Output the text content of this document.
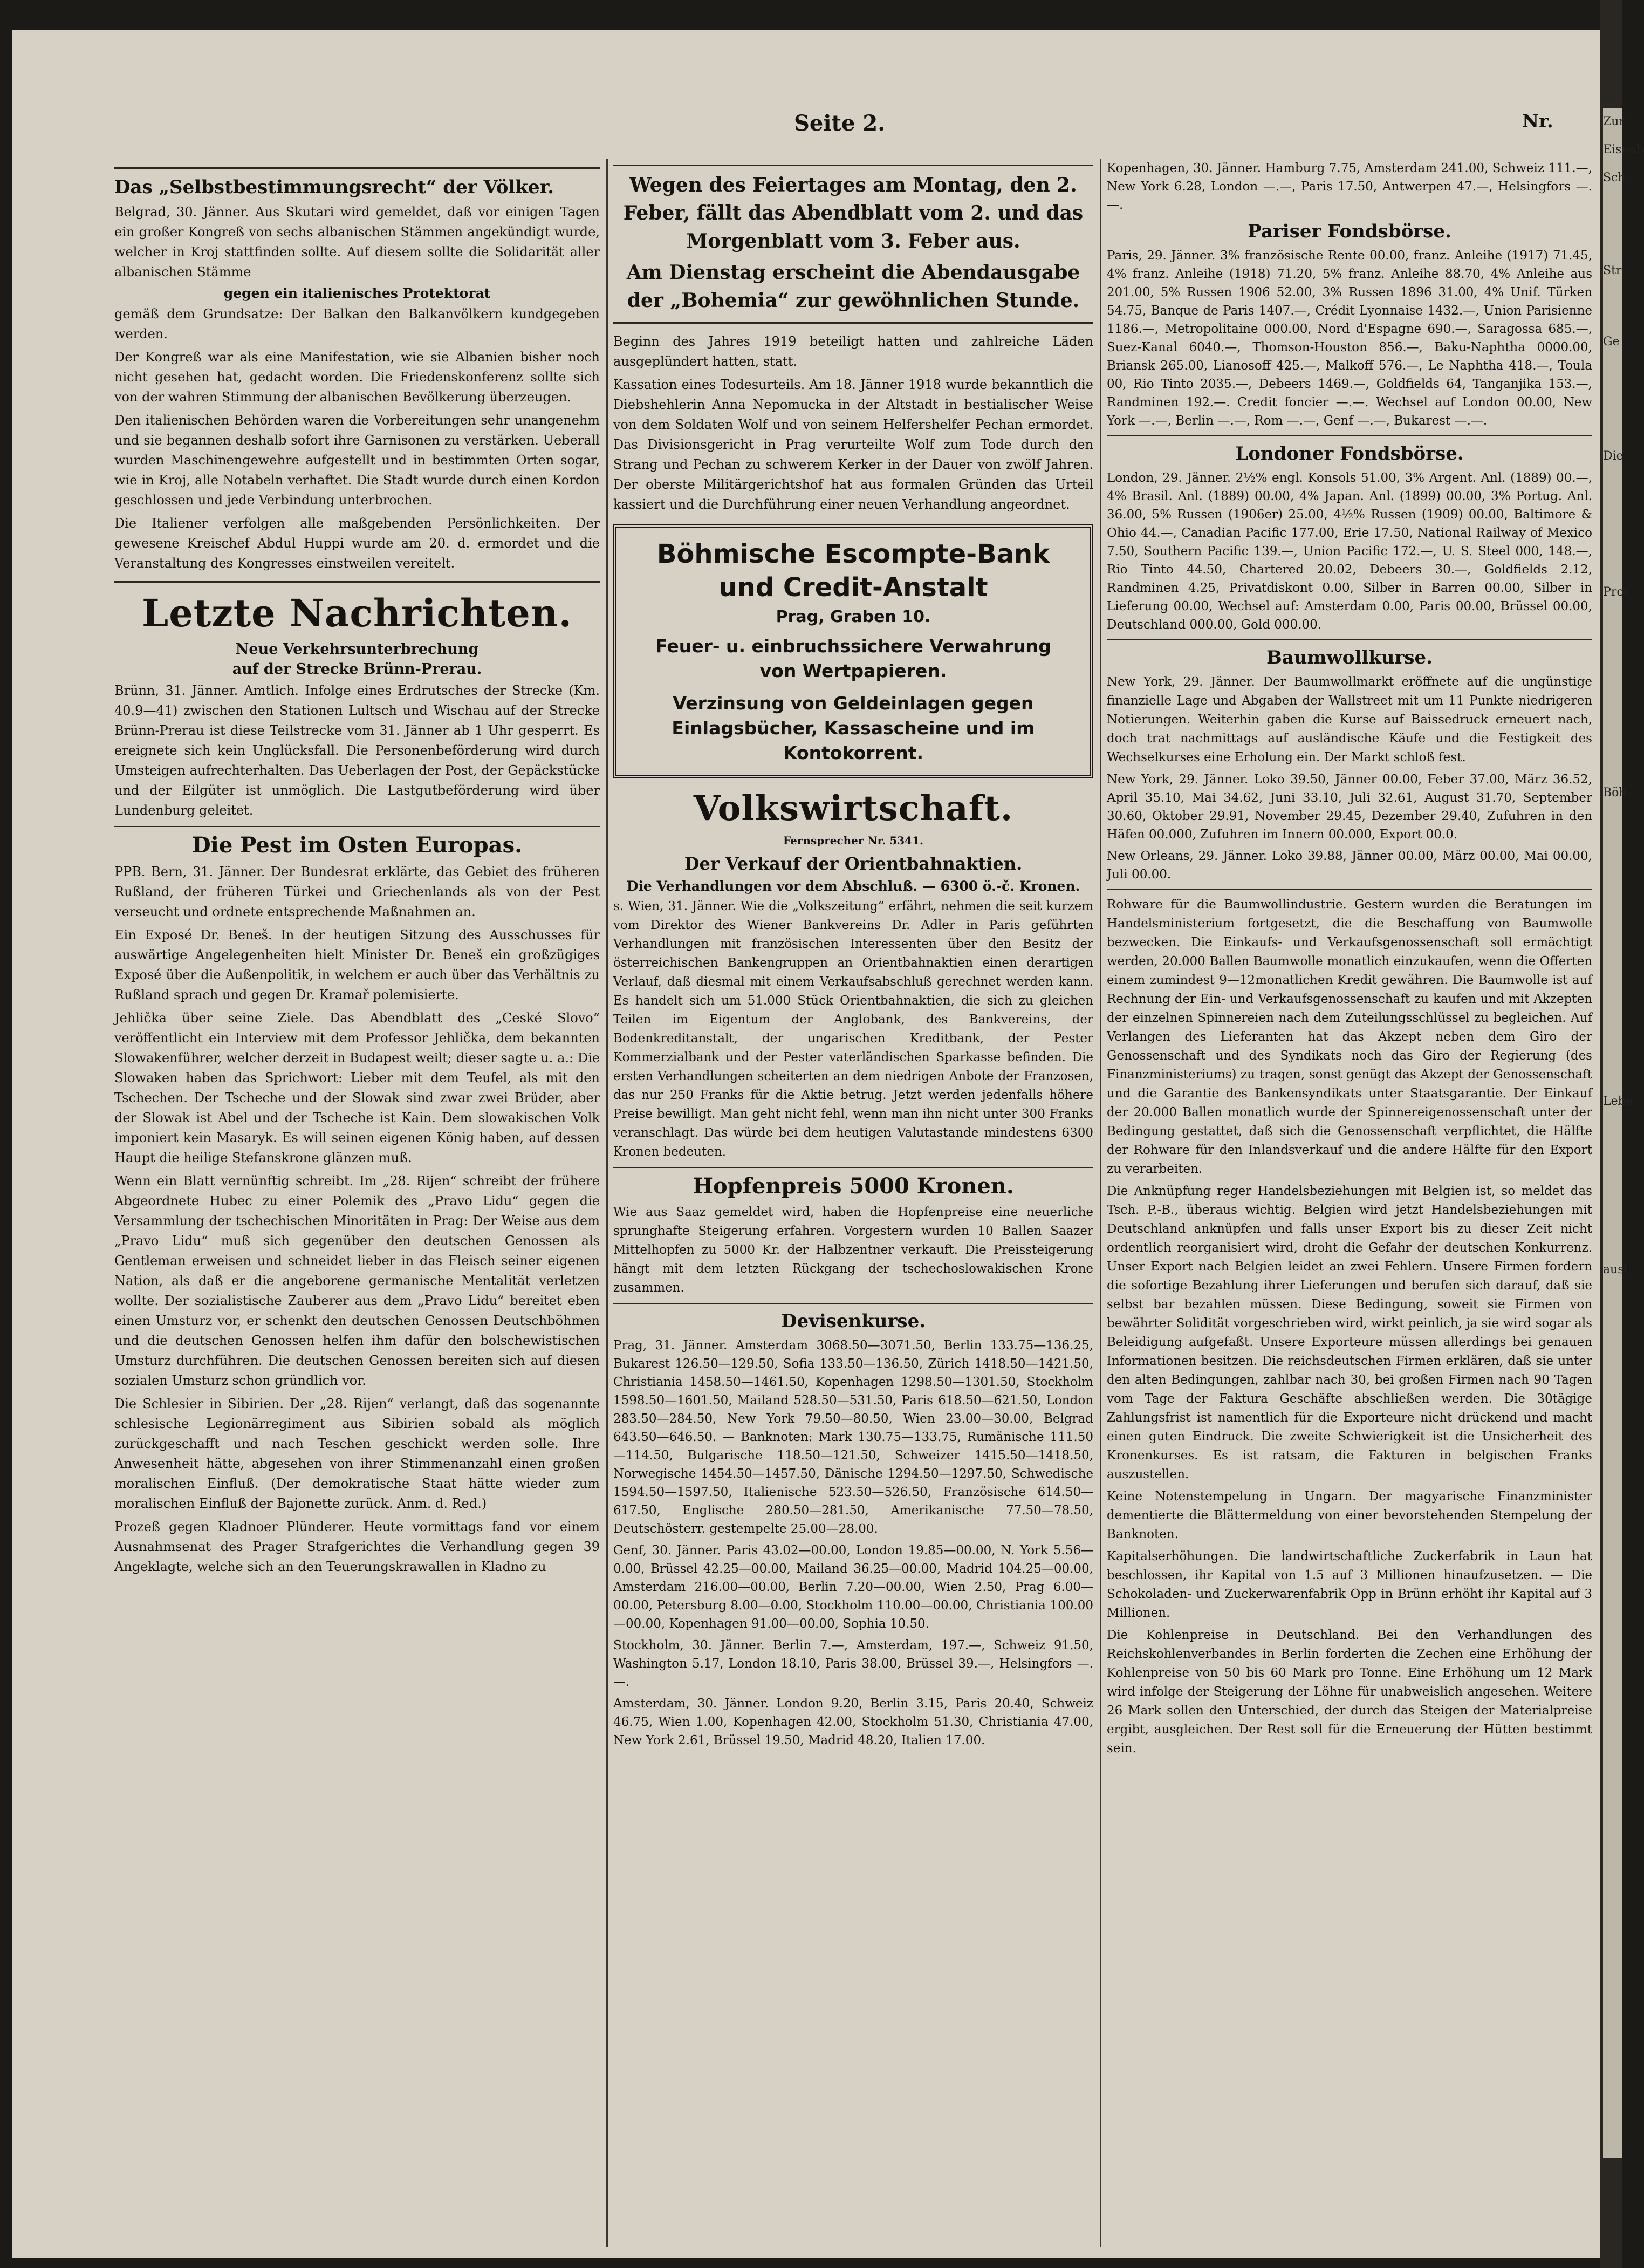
Zur
Eisenb
Sch
Str
Ge
Die
Prot
Böh
Lebe
ausl
Seite 2.	Nr.
Das „Selbstbestimmungsrecht“ der Völker.

Belgrad, 30. Jänner. Aus Skutari wird gemeldet, daß vor einigen Tagen ein großer Kongreß von sechs albanischen Stämmen angekündigt wurde, welcher in Kroj stattfinden sollte. Auf diesem sollte die Solidarität aller albanischen Stämme

gegen ein italienisches Protektorat

gemäß dem Grundsatze: Der Balkan den Balkanvölkern kundgegeben werden.

Der Kongreß war als eine Manifestation, wie sie Albanien bisher noch nicht gesehen hat, gedacht worden. Die Friedenskonferenz sollte sich von der wahren Stimmung der albanischen Bevölkerung überzeugen.

Den italienischen Behörden waren die Vorbereitungen sehr unangenehm und sie begannen deshalb sofort ihre Garnisonen zu verstärken. Ueberall wurden Maschinengewehre aufgestellt und in bestimmten Orten sogar, wie in Kroj, alle Notabeln verhaftet. Die Stadt wurde durch einen Kordon geschlossen und jede Verbindung unterbrochen.

Die Italiener verfolgen alle maßgebenden Persönlichkeiten. Der gewesene Kreischef Abdul Huppi wurde am 20. d. ermordet und die Veranstaltung des Kongresses einstweilen vereitelt.

Letzte Nachrichten.
Neue Verkehrsunterbrechung
auf der Strecke Brünn-Prerau.

Brünn, 31. Jänner. Amtlich. Infolge eines Erdrutsches der Strecke (Km. 40.9—41) zwischen den Stationen Lultsch und Wischau auf der Strecke Brünn-Prerau ist diese Teilstrecke vom 31. Jänner ab 1 Uhr gesperrt. Es ereignete sich kein Unglücksfall. Die Personenbeförderung wird durch Umsteigen aufrechterhalten. Das Ueberlagen der Post, der Gepäckstücke und der Eilgüter ist unmöglich. Die Lastgutbeförderung wird über Lundenburg geleitet.

Die Pest im Osten Europas.

PPB. Bern, 31. Jänner. Der Bundesrat erklärte, das Gebiet des früheren Rußland, der früheren Türkei und Griechenlands als von der Pest verseucht und ordnete entsprechende Maßnahmen an.

Ein Exposé Dr. Beneš. In der heutigen Sitzung des Ausschusses für auswärtige Angelegenheiten hielt Minister Dr. Beneš ein großzügiges Exposé über die Außenpolitik, in welchem er auch über das Verhältnis zu Rußland sprach und gegen Dr. Kramař polemisierte.

Jehlička über seine Ziele. Das Abendblatt des „Ceské Slovo“ veröffentlicht ein Interview mit dem Professor Jehlička, dem bekannten Slowakenführer, welcher derzeit in Budapest weilt; dieser sagte u. a.: Die Slowaken haben das Sprichwort: Lieber mit dem Teufel, als mit den Tschechen. Der Tscheche und der Slowak sind zwar zwei Brüder, aber der Slowak ist Abel und der Tscheche ist Kain. Dem slowakischen Volk imponiert kein Masaryk. Es will seinen eigenen König haben, auf dessen Haupt die heilige Stefanskrone glänzen muß.

Wenn ein Blatt vernünftig schreibt. Im „28. Rijen“ schreibt der frühere Abgeordnete Hubec zu einer Polemik des „Pravo Lidu“ gegen die Versammlung der tschechischen Minoritäten in Prag: Der Weise aus dem „Pravo Lidu“ muß sich gegenüber den deutschen Genossen als Gentleman erweisen und schneidet lieber in das Fleisch seiner eigenen Nation, als daß er die angeborene germanische Mentalität verletzen wollte. Der sozialistische Zauberer aus dem „Pravo Lidu“ bereitet eben einen Umsturz vor, er schenkt den deutschen Genossen Deutschböhmen und die deutschen Genossen helfen ihm dafür den bolschewistischen Umsturz durchführen. Die deutschen Genossen bereiten sich auf diesen sozialen Umsturz schon gründlich vor.

Die Schlesier in Sibirien. Der „28. Rijen“ verlangt, daß das sogenannte schlesische Legionärregiment aus Sibirien sobald als möglich zurückgeschafft und nach Teschen geschickt werden solle. Ihre Anwesenheit hätte, abgesehen von ihrer Stimmenanzahl einen großen moralischen Einfluß. (Der demokratische Staat hätte wieder zum moralischen Einfluß der Bajonette zurück. Anm. d. Red.)

Prozeß gegen Kladnoer Plünderer. Heute vormittags fand vor einem Ausnahmsenat des Prager Strafgerichtes die Verhandlung gegen 39 Angeklagte, welche sich an den Teuerungskrawallen in Kladno zu

Wegen des Feiertages am Montag, den 2. Feber, fällt das Abendblatt vom 2. und das Morgenblatt vom 3. Feber aus.
Am Dienstag erscheint die Abendausgabe der „Bohemia“ zur gewöhnlichen Stunde.

Beginn des Jahres 1919 beteiligt hatten und zahlreiche Läden ausgeplündert hatten, statt.

Kassation eines Todesurteils. Am 18. Jänner 1918 wurde bekanntlich die Diebshehlerin Anna Nepomucka in der Altstadt in bestialischer Weise von dem Soldaten Wolf und von seinem Helfershelfer Pechan ermordet. Das Divisionsgericht in Prag verurteilte Wolf zum Tode durch den Strang und Pechan zu schwerem Kerker in der Dauer von zwölf Jahren. Der oberste Militärgerichtshof hat aus formalen Gründen das Urteil kassiert und die Durchführung einer neuen Verhandlung angeordnet.

Böhmische Escompte-Bank
und Credit-Anstalt
Prag, Graben 10.
Feuer- u. einbruchssichere Verwahrung
von Wertpapieren.
Verzinsung von Geldeinlagen gegen Einlagsbücher, Kassascheine und im
Kontokorrent.
Volkswirtschaft.
Fernsprecher Nr. 5341.
Der Verkauf der Orientbahnaktien.
Die Verhandlungen vor dem Abschluß. — 6300 ö.-č. Kronen.

s. Wien, 31. Jänner. Wie die „Volkszeitung“ erfährt, nehmen die seit kurzem vom Direktor des Wiener Bankvereins Dr. Adler in Paris geführten Verhandlungen mit französischen Interessenten über den Besitz der österreichischen Bankengruppen an Orientbahnaktien einen derartigen Verlauf, daß diesmal mit einem Verkaufsabschluß gerechnet werden kann. Es handelt sich um 51.000 Stück Orientbahnaktien, die sich zu gleichen Teilen im Eigentum der Anglobank, des Bankvereins, der Bodenkreditanstalt, der ungarischen Kreditbank, der Pester Kommerzialbank und der Pester vaterländischen Sparkasse befinden. Die ersten Verhandlungen scheiterten an dem niedrigen Anbote der Franzosen, das nur 250 Franks für die Aktie betrug. Jetzt werden jedenfalls höhere Preise bewilligt. Man geht nicht fehl, wenn man ihn nicht unter 300 Franks veranschlagt. Das würde bei dem heutigen Valutastande mindestens 6300 Kronen bedeuten.

Hopfenpreis 5000 Kronen.

Wie aus Saaz gemeldet wird, haben die Hopfenpreise eine neuerliche sprunghafte Steigerung erfahren. Vorgestern wurden 10 Ballen Saazer Mittelhopfen zu 5000 Kr. der Halbzentner verkauft. Die Preissteigerung hängt mit dem letzten Rückgang der tschechoslowakischen Krone zusammen.

Devisenkurse.

Prag, 31. Jänner. Amsterdam 3068.50—3071.50, Berlin 133.75—136.25, Bukarest 126.50—129.50, Sofia 133.50—136.50, Zürich 1418.50—1421.50, Christiania 1458.50—1461.50, Kopenhagen 1298.50—1301.50, Stockholm 1598.50—1601.50, Mailand 528.50—531.50, Paris 618.50—621.50, London 283.50—284.50, New York 79.50—80.50, Wien 23.00—30.00, Belgrad 643.50—646.50. — Banknoten: Mark 130.75—133.75, Rumänische 111.50—114.50, Bulgarische 118.50—121.50, Schweizer 1415.50—1418.50, Norwegische 1454.50—1457.50, Dänische 1294.50—1297.50, Schwedische 1594.50—1597.50, Italienische 523.50—526.50, Französische 614.50—617.50, Englische 280.50—281.50, Amerikanische 77.50—78.50, Deutschösterr. gestempelte 25.00—28.00.

Genf, 30. Jänner. Paris 43.02—00.00, London 19.85—00.00, N. York 5.56—0.00, Brüssel 42.25—00.00, Mailand 36.25—00.00, Madrid 104.25—00.00, Amsterdam 216.00—00.00, Berlin 7.20—00.00, Wien 2.50, Prag 6.00—00.00, Petersburg 8.00—0.00, Stockholm 110.00—00.00, Christiania 100.00—00.00, Kopenhagen 91.00—00.00, Sophia 10.50.

Stockholm, 30. Jänner. Berlin 7.—, Amsterdam, 197.—, Schweiz 91.50, Washington 5.17, London 18.10, Paris 38.00, Brüssel 39.—, Helsingfors —.—.

Amsterdam, 30. Jänner. London 9.20, Berlin 3.15, Paris 20.40, Schweiz 46.75, Wien 1.00, Kopenhagen 42.00, Stockholm 51.30, Christiania 47.00, New York 2.61, Brüssel 19.50, Madrid 48.20, Italien 17.00.

Kopenhagen, 30. Jänner. Hamburg 7.75, Amsterdam 241.00, Schweiz 111.—, New York 6.28, London —.—, Paris 17.50, Antwerpen 47.—, Helsingfors —.—.

Pariser Fondsbörse.

Paris, 29. Jänner. 3% französische Rente 00.00, franz. Anleihe (1917) 71.45, 4% franz. Anleihe (1918) 71.20, 5% franz. Anleihe 88.70, 4% Anleihe aus 201.00, 5% Russen 1906 52.00, 3% Russen 1896 31.00, 4% Unif. Türken 54.75, Banque de Paris 1407.—, Crédit Lyonnaise 1432.—, Union Parisienne 1186.—, Metropolitaine 000.00, Nord d'Espagne 690.—, Saragossa 685.—, Suez-Kanal 6040.—, Thomson-Houston 856.—, Baku-Naphtha 0000.00, Briansk 265.00, Lianosoff 425.—, Malkoff 576.—, Le Naphtha 418.—, Toula 00, Rio Tinto 2035.—, Debeers 1469.—, Goldfields 64, Tanganjika 153.—, Randminen 192.—. Credit foncier —.—. Wechsel auf London 00.00, New York —.—, Berlin —.—, Rom —.—, Genf —.—, Bukarest —.—.

Londoner Fondsbörse.

London, 29. Jänner. 2½% engl. Konsols 51.00, 3% Argent. Anl. (1889) 00.—, 4% Brasil. Anl. (1889) 00.00, 4% Japan. Anl. (1899) 00.00, 3% Portug. Anl. 36.00, 5% Russen (1906er) 25.00, 4½% Russen (1909) 00.00, Baltimore & Ohio 44.—, Canadian Pacific 177.00, Erie 17.50, National Railway of Mexico 7.50, Southern Pacific 139.—, Union Pacific 172.—, U. S. Steel 000, 148.—, Rio Tinto 44.50, Chartered 20.02, Debeers 30.—, Goldfields 2.12, Randminen 4.25, Privatdiskont 0.00, Silber in Barren 00.00, Silber in Lieferung 00.00, Wechsel auf: Amsterdam 0.00, Paris 00.00, Brüssel 00.00, Deutschland 000.00, Gold 000.00.

Baumwollkurse.

New York, 29. Jänner. Der Baumwollmarkt eröffnete auf die ungünstige finanzielle Lage und Abgaben der Wallstreet mit um 11 Punkte niedrigeren Notierungen. Weiterhin gaben die Kurse auf Baissedruck erneuert nach, doch trat nachmittags auf ausländische Käufe und die Festigkeit des Wechselkurses eine Erholung ein. Der Markt schloß fest.

New York, 29. Jänner. Loko 39.50, Jänner 00.00, Feber 37.00, März 36.52, April 35.10, Mai 34.62, Juni 33.10, Juli 32.61, August 31.70, September 30.60, Oktober 29.91, November 29.45, Dezember 29.40, Zufuhren in den Häfen 00.000, Zufuhren im Innern 00.000, Export 00.0.

New Orleans, 29. Jänner. Loko 39.88, Jänner 00.00, März 00.00, Mai 00.00, Juli 00.00.

Rohware für die Baumwollindustrie. Gestern wurden die Beratungen im Handelsministerium fortgesetzt, die die Beschaffung von Baumwolle bezwecken. Die Einkaufs- und Verkaufsgenossenschaft soll ermächtigt werden, 20.000 Ballen Baumwolle monatlich einzukaufen, wenn die Offerten einem zumindest 9—12monatlichen Kredit gewähren. Die Baumwolle ist auf Rechnung der Ein- und Verkaufsgenossenschaft zu kaufen und mit Akzepten der einzelnen Spinnereien nach dem Zuteilungsschlüssel zu begleichen. Auf Verlangen des Lieferanten hat das Akzept neben dem Giro der Genossenschaft und des Syndikats noch das Giro der Regierung (des Finanzministeriums) zu tragen, sonst genügt das Akzept der Genossenschaft und die Garantie des Bankensyndikats unter Staatsgarantie. Der Einkauf der 20.000 Ballen monatlich wurde der Spinnereigenossenschaft unter der Bedingung gestattet, daß sich die Genossenschaft verpflichtet, die Hälfte der Rohware für den Inlandsverkauf und die andere Hälfte für den Export zu verarbeiten.

Die Anknüpfung reger Handelsbeziehungen mit Belgien ist, so meldet das Tsch. P.-B., überaus wichtig. Belgien wird jetzt Handelsbeziehungen mit Deutschland anknüpfen und falls unser Export bis zu dieser Zeit nicht ordentlich reorganisiert wird, droht die Gefahr der deutschen Konkurrenz. Unser Export nach Belgien leidet an zwei Fehlern. Unsere Firmen fordern die sofortige Bezahlung ihrer Lieferungen und berufen sich darauf, daß sie selbst bar bezahlen müssen. Diese Bedingung, soweit sie Firmen von bewährter Solidität vorgeschrieben wird, wirkt peinlich, ja sie wird sogar als Beleidigung aufgefaßt. Unsere Exporteure müssen allerdings bei genauen Informationen besitzen. Die reichsdeutschen Firmen erklären, daß sie unter den alten Bedingungen, zahlbar nach 30, bei großen Firmen nach 90 Tagen vom Tage der Faktura Geschäfte abschließen werden. Die 30tägige Zahlungsfrist ist namentlich für die Exporteure nicht drückend und macht einen guten Eindruck. Die zweite Schwierigkeit ist die Unsicherheit des Kronenkurses. Es ist ratsam, die Fakturen in belgischen Franks auszustellen.

Keine Notenstempelung in Ungarn. Der magyarische Finanzminister dementierte die Blättermeldung von einer bevorstehenden Stempelung der Banknoten.

Kapitalserhöhungen. Die landwirtschaftliche Zuckerfabrik in Laun hat beschlossen, ihr Kapital von 1.5 auf 3 Millionen hinaufzusetzen. — Die Schokoladen- und Zuckerwarenfabrik Opp in Brünn erhöht ihr Kapital auf 3 Millionen.

Die Kohlenpreise in Deutschland. Bei den Verhandlungen des Reichskohlenverbandes in Berlin forderten die Zechen eine Erhöhung der Kohlenpreise von 50 bis 60 Mark pro Tonne. Eine Erhöhung um 12 Mark wird infolge der Steigerung der Löhne für unabweislich angesehen. Weitere 26 Mark sollen den Unterschied, der durch das Steigen der Materialpreise ergibt, ausgleichen. Der Rest soll für die Erneuerung der Hütten bestimmt sein.
